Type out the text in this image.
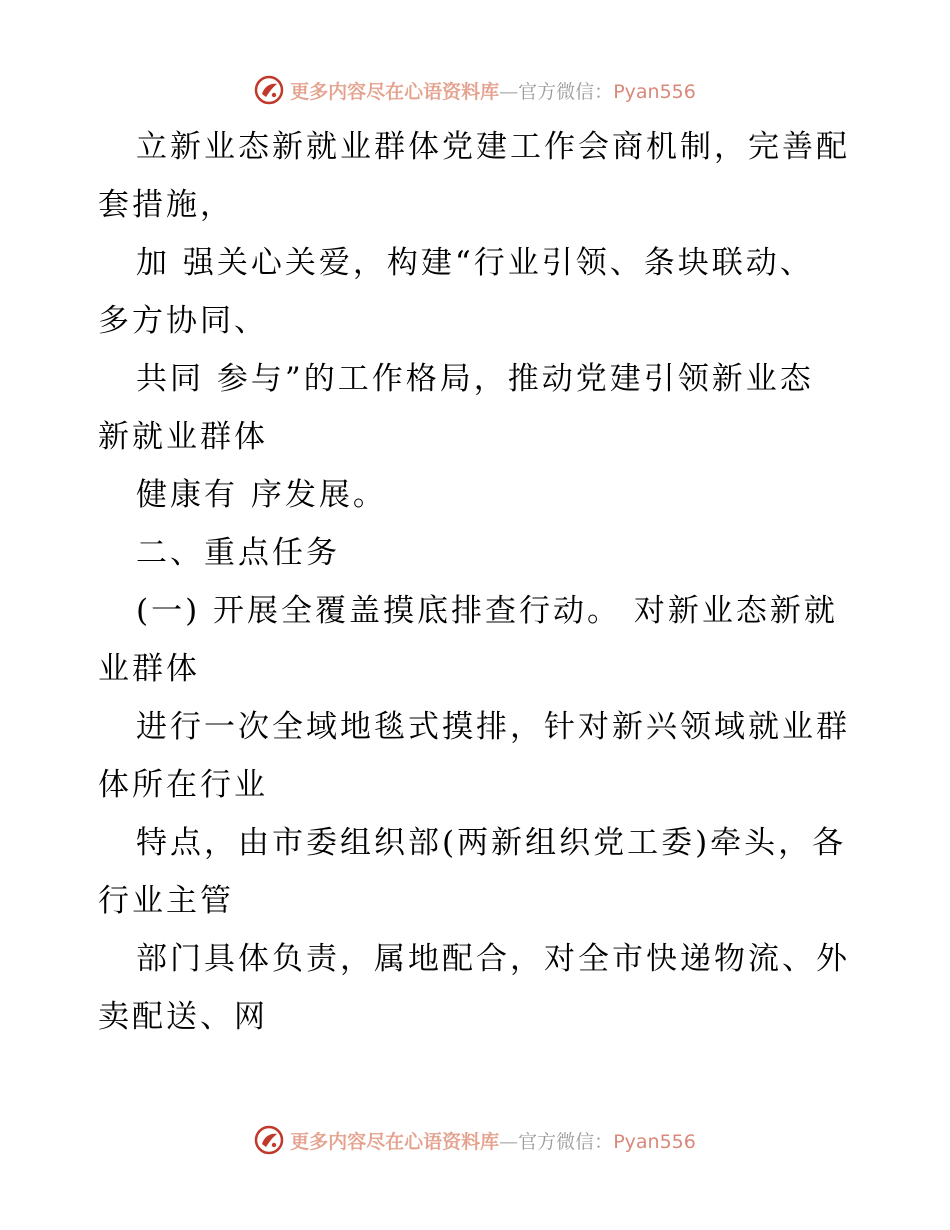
更多内容尽在心语资料库—官方微信：Pyan556
立新业态新就业群体党建工作会商机制，完善配
套措施，
加 强关心关爱，构建“行业引领、条块联动、
多方协同、
共同 参与”的工作格局，推动党建引领新业态
新就业群体
健康有 序发展。
二、重点任务
(一) 开展全覆盖摸底排查行动。 对新业态新就
业群体
进行一次全域地毯式摸排，针对新兴领域就业群
体所在行业
特点，由市委组织部(两新组织党工委)牵头，各
行业主管
部门具体负责，属地配合，对全市快递物流、外
卖配送、网
更多内容尽在心语资料库—官方微信：Pyan556
